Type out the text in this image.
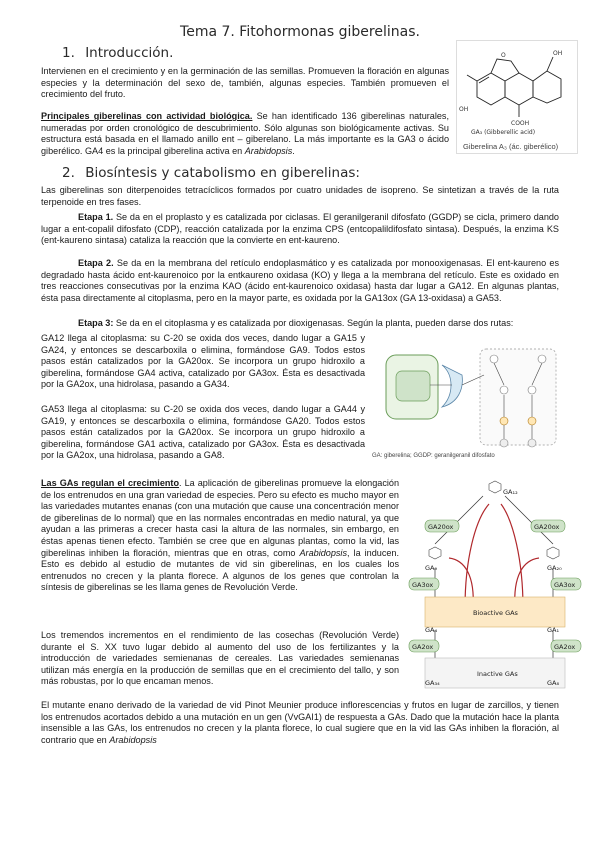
Tema 7. Fitohormonas giberelinas.
1. Introducción.

Intervienen en el crecimiento y en la germinación de las semillas. Promueven la floración en algunas especies y la determinación del sexo de, también, algunas especies. También promueven el crecimiento del fruto.

Principales giberelinas con actividad biológica. Se han identificado 136 giberelinas naturales, numeradas por orden cronológico de descubrimiento. Sólo algunas son biológicamente activas. Su estructura está basada en el llamado anillo ent – giberelano. La más importante es la GA3 o ácido giberélico. GA4 es la principal giberelina activa en Arabidopsis.

O	OH
OH
COOH
GA₃ (Gibberellic acid)
Giberelina A₃ (ác. giberélico)
2. Biosíntesis y catabolismo en giberelinas:

Las giberelinas son diterpenoides tetracíclicos formados por cuatro unidades de isopreno. Se sintetizan a través de la ruta terpenoide en tres fases.

Etapa 1. Se da en el proplasto y es catalizada por ciclasas. El geranilgeranil difosfato (GGDP) se cicla, primero dando lugar a ent-copalil difosfato (CDP), reacción catalizada por la enzima CPS (entcopalildifosfato sintasa). Después, la enzima KS (ent-kaureno sintasa) cataliza la reacción que la convierte en ent-kaureno.

Etapa 2. Se da en la membrana del retículo endoplasmático y es catalizada por monooxigenasas. El ent-kaureno es degradado hasta ácido ent-kaurenoico por la entkaureno oxidasa (KO) y llega a la membrana del retículo. Este es oxidado en tres reacciones consecutivas por la enzima KAO (ácido ent-kaurenoico oxidasa) hasta dar lugar a GA12. En algunas plantas, ésta pasa directamente al citoplasma, pero en la mayor parte, es oxidada por la GA13ox (GA 13-oxidasa) a GA53.

Etapa 3: Se da en el citoplasma y es catalizada por dioxigenasas. Según la planta, pueden darse dos rutas:

GA12 llega al citoplasma: su C-20 se oxida dos veces, dando lugar a GA15 y GA24, y entonces se descarboxila o elimina, formándose GA9. Todos estos pasos están catalizados por la GA20ox. Se incorpora un grupo hidroxilo a giberelina, formándose GA4 activa, catalizado por GA3ox. Ésta es desactivada por la GA2ox, una hidrolasa, pasando a GA34.

GA53 llega al citoplasma: su C-20 se oxida dos veces, dando lugar a GA44 y GA19, y entonces se descarboxila o elimina, formándose GA20. Todos estos pasos están catalizados por la GA20ox. Se incorpora un grupo hidroxilo a giberelina, formándose GA1 activa, catalizado por GA3ox. Ésta es desactivada por la GA2ox, una hidrolasa, pasando a GA8.	GA: giberelina; GGDP: geranilgeranil difosfato

Las GAs regulan el crecimiento. La aplicación de giberelinas promueve la elongación de los entrenudos en una gran variedad de especies. Pero su efecto es mucho mayor en las variedades mutantes enanas (con una mutación que cause una concentración menor de giberelinas de lo normal) que en las normales encontradas en medio natural, ya que ayudan a las primeras a crecer hasta casi la altura de las normales, sin embargo, en éstas apenas tienen efecto. También se cree que en algunas plantas, como la vid, las giberelinas inhiben la floración, mientras que en otras, como Arabidopsis, la inducen. Esto es debido al estudio de mutantes de vid sin giberelinas, en los cuales los entrenudos no crecen y la planta florece. A algunos de los genes que controlan la síntesis de giberelinas se les llama genes de Revolución Verde.

Los tremendos incrementos en el rendimiento de las cosechas (Revolución Verde) durante el S. XX tuvo lugar debido al aumento del uso de los fertilizantes y la introducción de variedades semienanas de cereales. Las variedades semienanas utilizan más energía en la producción de semillas que en el crecimiento del tallo, y son más robustas, por lo que encaman menos.

El mutante enano derivado de la variedad de vid Pinot Meunier produce inflorescencias y frutos en lugar de zarcillos, y tienen los entrenudos acortados debido a una mutación en un gen (VvGAI1) de respuesta a GAs. Dado que la mutación hace la planta insensible a las GAs, los entrenudos no crecen y la planta florece, lo cual sugiere que en la vid las GAs inhiben la floración, al contrario que en Arabidopsis

GA₁₂
GA₉	GA₂₀
GA₄	GA₁
Bioactive GAs
GA₃₄	GA₈
Inactive GAs
GA20ox	GA20ox
GA3ox	GA3ox
GA2ox	GA2ox
